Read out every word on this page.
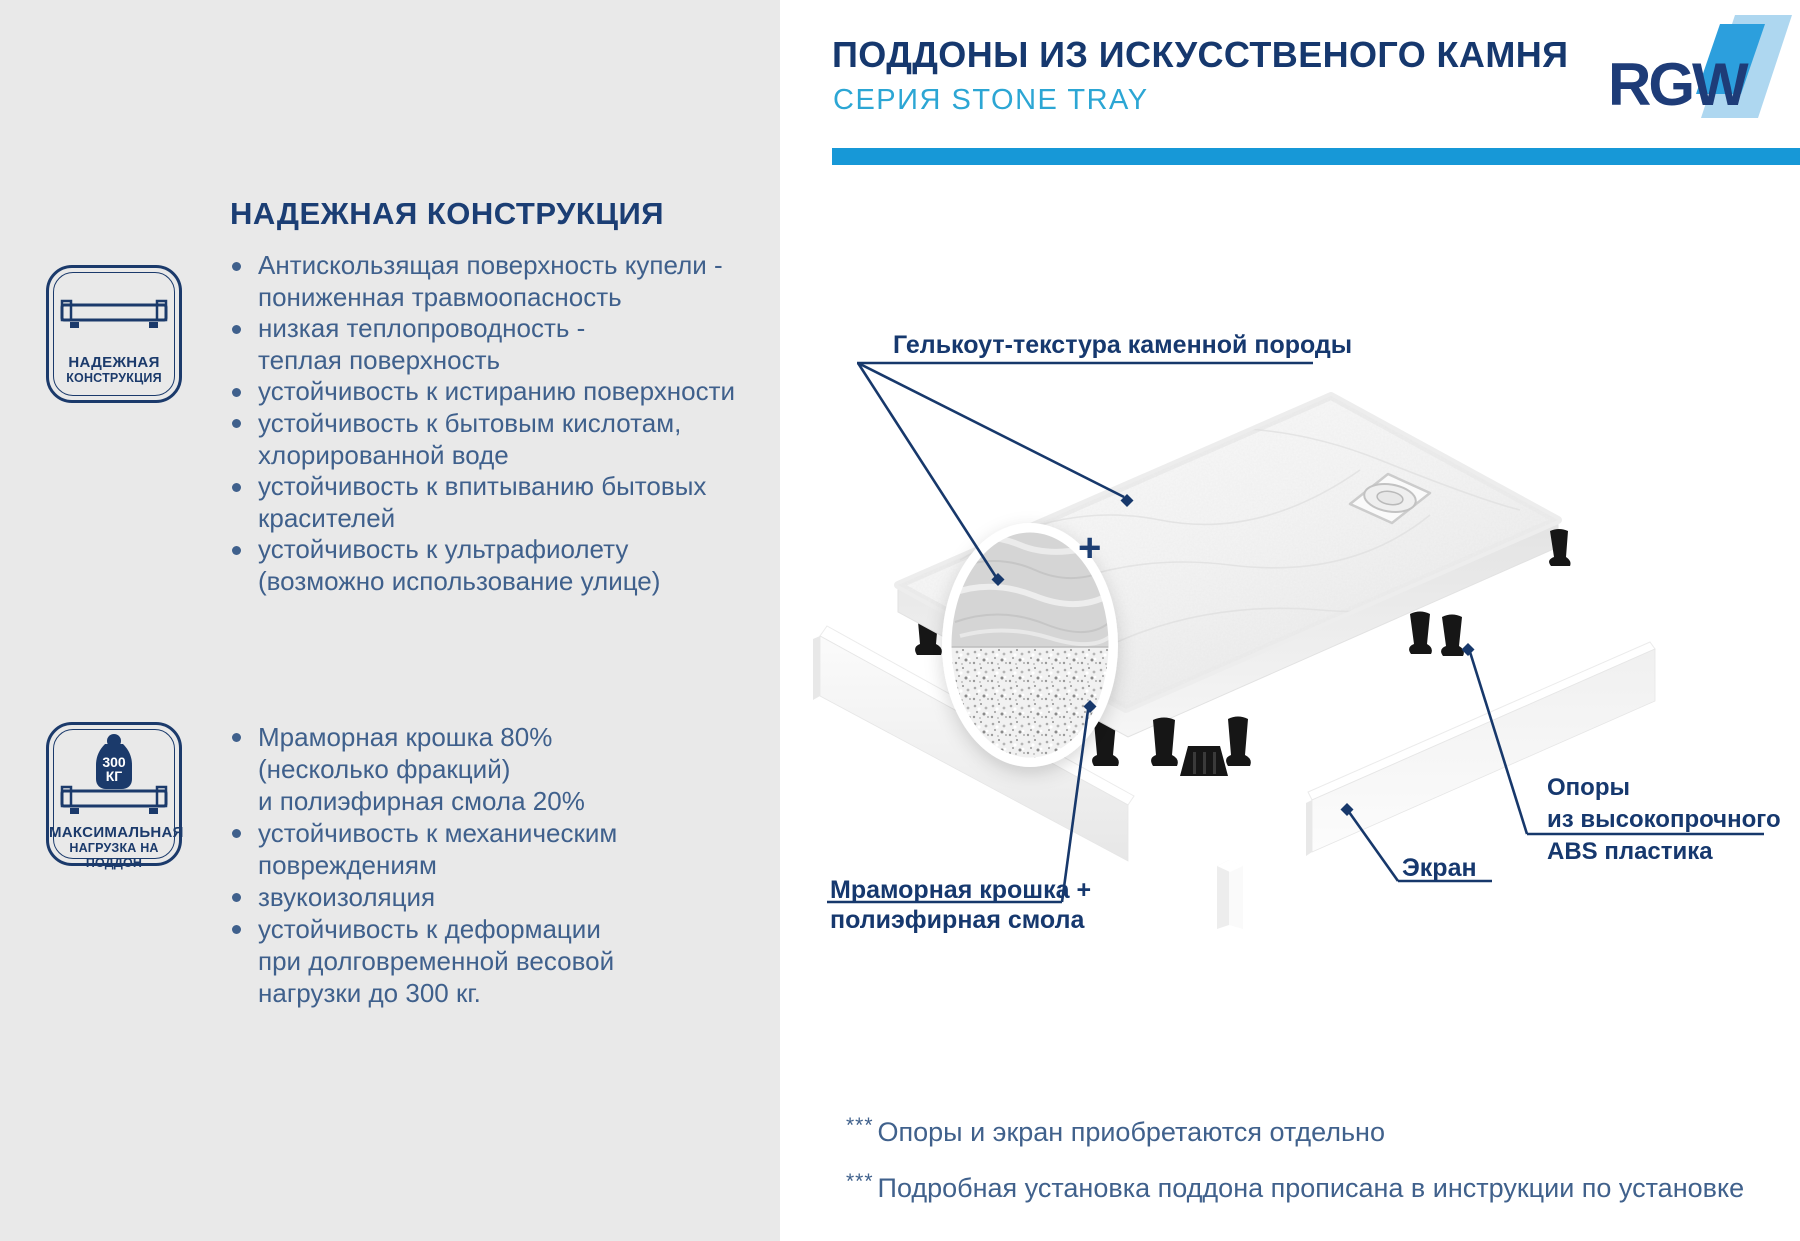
НАДЕЖНАЯ КОНСТРУКЦИЯ
НАДЕЖНАЯ
КОНСТРУКЦИЯ
Антискользящая поверхность купели -
пониженная травмоопасность
низкая теплопроводность -
теплая поверхность
устойчивость к истиранию поверхности
устойчивость к бытовым кислотам,
хлорированной воде
устойчивость к впитыванию бытовых
красителей
устойчивость к ультрафиолету
(возможно использование улице)
300
КГ
МАКСИМАЛЬНАЯ
НАГРУЗКА НА ПОДДОН
Мраморная крошка 80%
(несколько фракций)
и полиэфирная смола 20%
устойчивость к механическим
повреждениям
звукоизоляция
устойчивость к деформации
при долговременной весовой
нагрузки до 300 кг.
ПОДДОНЫ ИЗ ИСКУССТВЕНОГО КАМНЯ
СЕРИЯ STONE TRAY	RGW
Гелькоут-текстура каменной породы
Мраморная крошка +
полиэфирная смола
Экран
Опоры
из высокопрочного
ABS пластика
+
*** Опоры и экран приобретаются отдельно
*** Подробная установка поддона прописана в инструкции по установке
